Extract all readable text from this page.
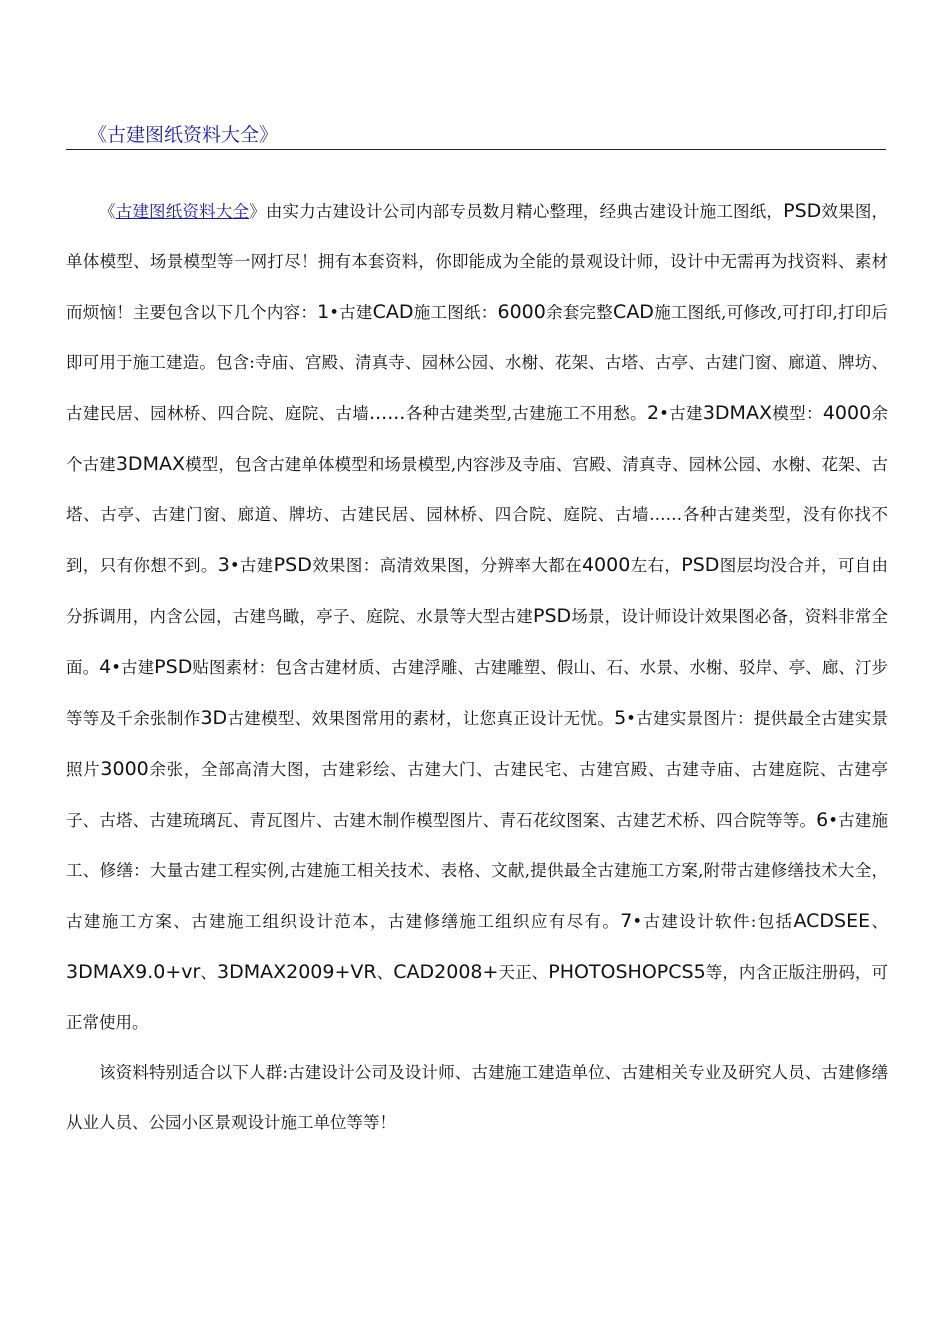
《古建图纸资料大全》

《古建图纸资料大全》由实力古建设计公司内部专员数月精心整理，经典古建设计施工图纸，PSD效果图，单体模型、场景模型等一网打尽！拥有本套资料，你即能成为全能的景观设计师，设计中无需再为找资料、素材而烦恼！主要包含以下几个内容：1•古建CAD施工图纸：6000余套完整CAD施工图纸,可修改,可打印,打印后即可用于施工建造。包含:寺庙、宫殿、清真寺、园林公园、水榭、花架、古塔、古亭、古建门窗、廊道、牌坊、古建民居、园林桥、四合院、庭院、古墙......各种古建类型,古建施工不用愁。2•古建3DMAX模型：4000余个古建3DMAX模型，包含古建单体模型和场景模型,内容涉及寺庙、宫殿、清真寺、园林公园、水榭、花架、古塔、古亭、古建门窗、廊道、牌坊、古建民居、园林桥、四合院、庭院、古墙……各种古建类型，没有你找不到，只有你想不到。3•古建PSD效果图：高清效果图，分辨率大都在4000左右，PSD图层均没合并，可自由分拆调用，内含公园，古建鸟瞰，亭子、庭院、水景等大型古建PSD场景，设计师设计效果图必备，资料非常全面。4•古建PSD贴图素材：包含古建材质、古建浮雕、古建雕塑、假山、石、水景、水榭、驳岸、亭、廊、汀步等等及千余张制作3D古建模型、效果图常用的素材，让您真正设计无忧。5•古建实景图片：提供最全古建实景照片3000余张，全部高清大图，古建彩绘、古建大门、古建民宅、古建宫殿、古建寺庙、古建庭院、古建亭子、古塔、古建琉璃瓦、青瓦图片、古建木制作模型图片、青石花纹图案、古建艺术桥、四合院等等。6•古建施工、修缮：大量古建工程实例,古建施工相关技术、表格、文献,提供最全古建施工方案,附带古建修缮技术大全，古建施工方案、古建施工组织设计范本，古建修缮施工组织应有尽有。7•古建设计软件:包括ACDSEE、3DMAX9.0+vr、3DMAX2009+VR、CAD2008+天正、PHOTOSHOPCS5等，内含正版注册码，可正常使用。

该资料特别适合以下人群:古建设计公司及设计师、古建施工建造单位、古建相关专业及研究人员、古建修缮从业人员、公园小区景观设计施工单位等等！
